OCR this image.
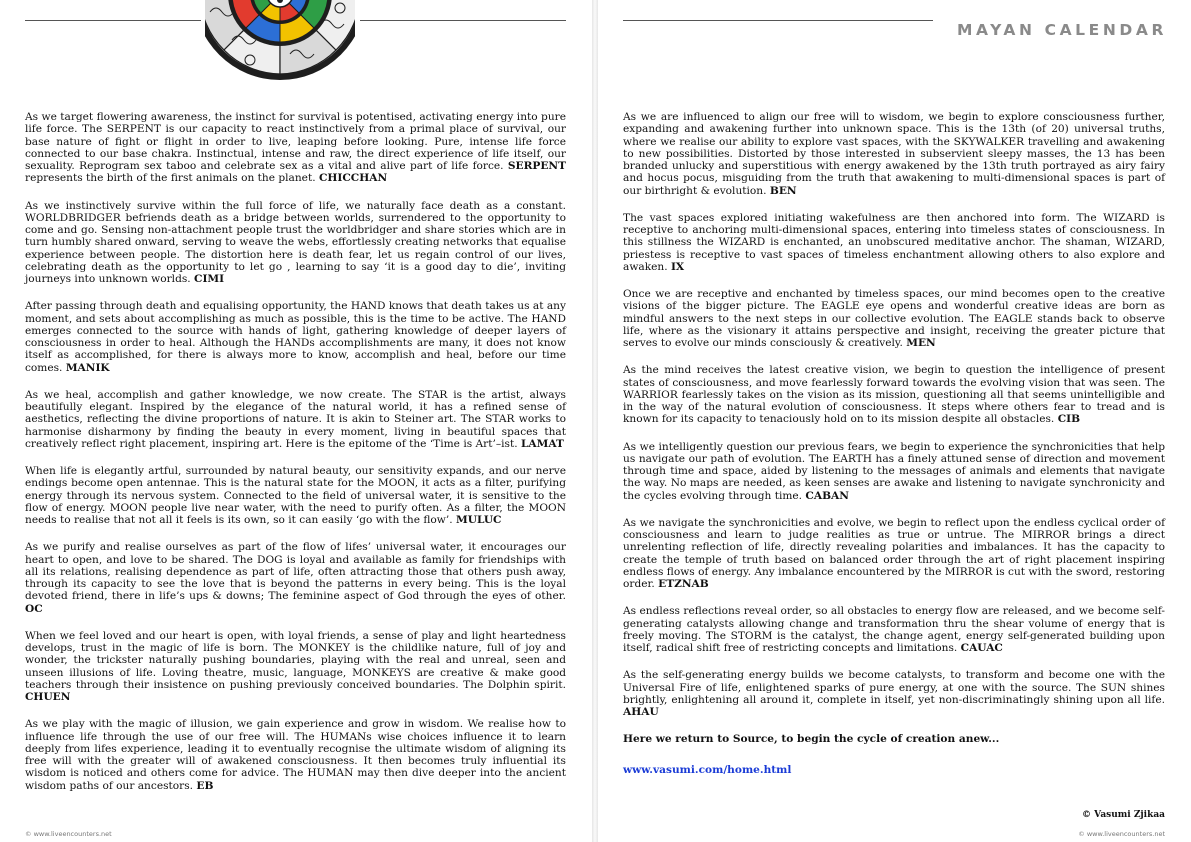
As we target flowering awareness, the instinct for survival is potentised, activating energy into pure life force. The SERPENT is our capacity to react instinctively from a primal place of survival, our base nature of fight or flight in order to live, leaping before looking. Pure, intense life force connected to our base chakra. Instinctual, intense and raw, the direct experience of life itself, our sexuality. Reprogram sex taboo and celebrate sex as a vital and alive part of life force. SERPENT represents the birth of the first animals on the planet. CHICCHAN

As we instinctively survive within the full force of life, we naturally face death as a constant. WORLDBRIDGER befriends death as a bridge between worlds, surrendered to the opportunity to come and go. Sensing non-attachment people trust the worldbridger and share stories which are in turn humbly shared onward, serving to weave the webs, effortlessly creating networks that equalise experience between people. The distortion here is death fear, let us regain control of our lives, celebrating death as the opportunity to let go , learning to say ‘it is a good day to die’, inviting journeys into unknown worlds. CIMI

After passing through death and equalising opportunity, the HAND knows that death takes us at any moment, and sets about accomplishing as much as possible, this is the time to be active. The HAND emerges connected to the source with hands of light, gathering knowledge of deeper layers of consciousness in order to heal. Although the HANDs accomplishments are many, it does not know itself as accomplished, for there is always more to know, accomplish and heal, before our time comes. MANIK

As we heal, accomplish and gather knowledge, we now create. The STAR is the artist, always beautifully elegant. Inspired by the elegance of the natural world, it has a refined sense of aesthetics, reflecting the divine proportions of nature. It is akin to Steiner art. The STAR works to harmonise disharmony by finding the beauty in every moment, living in beautiful spaces that creatively reflect right placement, inspiring art. Here is the epitome of the ‘Time is Art’–ist. LAMAT

When life is elegantly artful, surrounded by natural beauty, our sensitivity expands, and our nerve endings become open antennae. This is the natural state for the MOON, it acts as a filter, purifying energy through its nervous system. Connected to the field of universal water, it is sensitive to the flow of energy. MOON people live near water, with the need to purify often. As a filter, the MOON needs to realise that not all it feels is its own, so it can easily ‘go with the flow’. MULUC

As we purify and realise ourselves as part of the flow of lifes’ universal water, it encourages our heart to open, and love to be shared. The DOG is loyal and available as family for friendships with all its relations, realising dependence as part of life, often attracting those that others push away, through its capacity to see the love that is beyond the patterns in every being. This is the loyal devoted friend, there in life’s ups & downs; The feminine aspect of God through the eyes of other. OC

When we feel loved and our heart is open, with loyal friends, a sense of play and light heartedness develops, trust in the magic of life is born. The MONKEY is the childlike nature, full of joy and wonder, the trickster naturally pushing boundaries, playing with the real and unreal, seen and unseen illusions of life. Loving theatre, music, language, MONKEYS are creative & make good teachers through their insistence on pushing previously conceived boundaries. The Dolphin spirit. CHUEN

As we play with the magic of illusion, we gain experience and grow in wisdom. We realise how to influence life through the use of our free will. The HUMANs wise choices influence it to learn deeply from lifes experience, leading it to eventually recognise the ultimate wisdom of aligning its free will with the greater will of awakened consciousness. It then becomes truly influential its wisdom is noticed and others come for advice. The HUMAN may then dive deeper into the ancient wisdom paths of our ancestors. EB

© www.liveencounters.net
MAYAN CALENDAR

As we are influenced to align our free will to wisdom, we begin to explore consciousness further, expanding and awakening further into unknown space. This is the 13th (of 20) universal truths, where we realise our ability to explore vast spaces, with the SKYWALKER travelling and awakening to new possibilities. Distorted by those interested in subservient sleepy masses, the 13 has been branded unlucky and superstitious with energy awakened by the 13th truth portrayed as airy fairy and hocus pocus, misguiding from the truth that awakening to multi-dimensional spaces is part of our birthright & evolution. BEN

The vast spaces explored initiating wakefulness are then anchored into form. The WIZARD is receptive to anchoring multi-dimensional spaces, entering into timeless states of consciousness. In this stillness the WIZARD is enchanted, an unobscured meditative anchor. The shaman, WIZARD, priestess is receptive to vast spaces of timeless enchantment allowing others to also explore and awaken. IX

Once we are receptive and enchanted by timeless spaces, our mind becomes open to the creative visions of the bigger picture. The EAGLE eye opens and wonderful creative ideas are born as mindful answers to the next steps in our collective evolution. The EAGLE stands back to observe life, where as the visionary it attains perspective and insight, receiving the greater picture that serves to evolve our minds consciously & creatively. MEN

As the mind receives the latest creative vision, we begin to question the intelligence of present states of consciousness, and move fearlessly forward towards the evolving vision that was seen. The WARRIOR fearlessly takes on the vision as its mission, questioning all that seems unintelligible and in the way of the natural evolution of consciousness. It steps where others fear to tread and is known for its capacity to tenaciously hold on to its mission despite all obstacles. CIB

As we intelligently question our previous fears, we begin to experience the synchronicities that help us navigate our path of evolution. The EARTH has a finely attuned sense of direction and movement through time and space, aided by listening to the messages of animals and elements that navigate the way. No maps are needed, as keen senses are awake and listening to navigate synchronicity and the cycles evolving through time. CABAN

As we navigate the synchronicities and evolve, we begin to reflect upon the endless cyclical order of consciousness and learn to judge realities as true or untrue. The MIRROR brings a direct unrelenting reflection of life, directly revealing polarities and imbalances. It has the capacity to create the temple of truth based on balanced order through the art of right placement inspiring endless flows of energy. Any imbalance encountered by the MIRROR is cut with the sword, restoring order. ETZNAB

As endless reflections reveal order, so all obstacles to energy flow are released, and we become self-generating catalysts allowing change and transformation thru the shear volume of energy that is freely moving. The STORM is the catalyst, the change agent, energy self-generated building upon itself, radical shift free of restricting concepts and limitations. CAUAC

As the self-generating energy builds we become catalysts, to transform and become one with the Universal Fire of life, enlightened sparks of pure energy, at one with the source. The SUN shines brightly, enlightening all around it, complete in itself, yet non-discriminatingly shining upon all life. AHAU

Here we return to Source, to begin the cycle of creation anew...

www.vasumi.com/home.html

© Vasumi Zjikaa
© www.liveencounters.net
